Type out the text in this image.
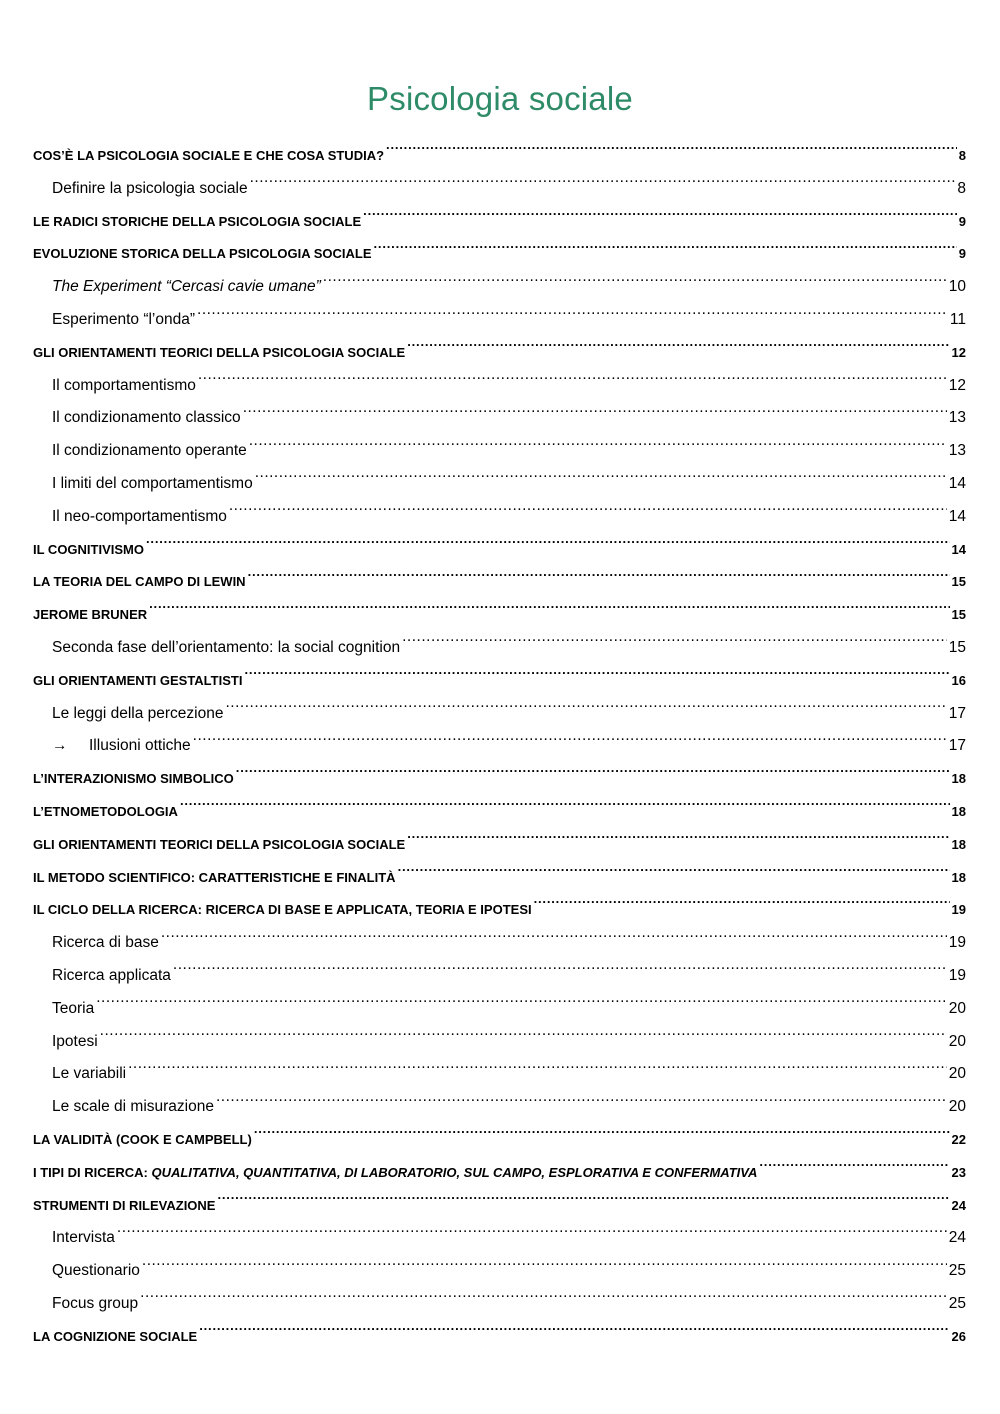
Psicologia sociale
COS’È LA PSICOLOGIA SOCIALE E CHE COSA STUDIA? .....	8
Definire la psicologia sociale .....	8
LE RADICI STORICHE DELLA PSICOLOGIA SOCIALE .....	9
EVOLUZIONE STORICA DELLA PSICOLOGIA SOCIALE .....	9
The Experiment “Cercasi cavie umane” .....	10
Esperimento “l’onda” .....	11
GLI ORIENTAMENTI TEORICI DELLA PSICOLOGIA SOCIALE .....	12
Il comportamentismo .....	12
Il condizionamento classico .....	13
Il condizionamento operante .....	13
I limiti del comportamentismo .....	14
Il neo-comportamentismo .....	14
IL COGNITIVISMO .....	14
LA TEORIA DEL CAMPO DI LEWIN .....	15
JEROME BRUNER .....	15
Seconda fase dell’orientamento: la social cognition .....	15
GLI ORIENTAMENTI GESTALTISTI .....	16
Le leggi della percezione .....	17
→	Illusioni ottiche .....	17
L’INTERAZIONISMO SIMBOLICO .....	18
L’ETNOMETODOLOGIA .....	18
GLI ORIENTAMENTI TEORICI DELLA PSICOLOGIA SOCIALE .....	18
IL METODO SCIENTIFICO: CARATTERISTICHE E FINALITÀ .....	18
IL CICLO DELLA RICERCA: RICERCA DI BASE E APPLICATA, TEORIA E IPOTESI .....	19
Ricerca di base .....	19
Ricerca applicata .....	19
Teoria .....	20
Ipotesi .....	20
Le variabili .....	20
Le scale di misurazione .....	20
LA VALIDITÀ (COOK E CAMPBELL) .....	22
I TIPI DI RICERCA: QUALITATIVA, QUANTITATIVA, DI LABORATORIO, SUL CAMPO, ESPLORATIVA E CONFERMATIVA .....	23
STRUMENTI DI RILEVAZIONE .....	24
Intervista .....	24
Questionario .....	25
Focus group .....	25
LA COGNIZIONE SOCIALE .....	26
